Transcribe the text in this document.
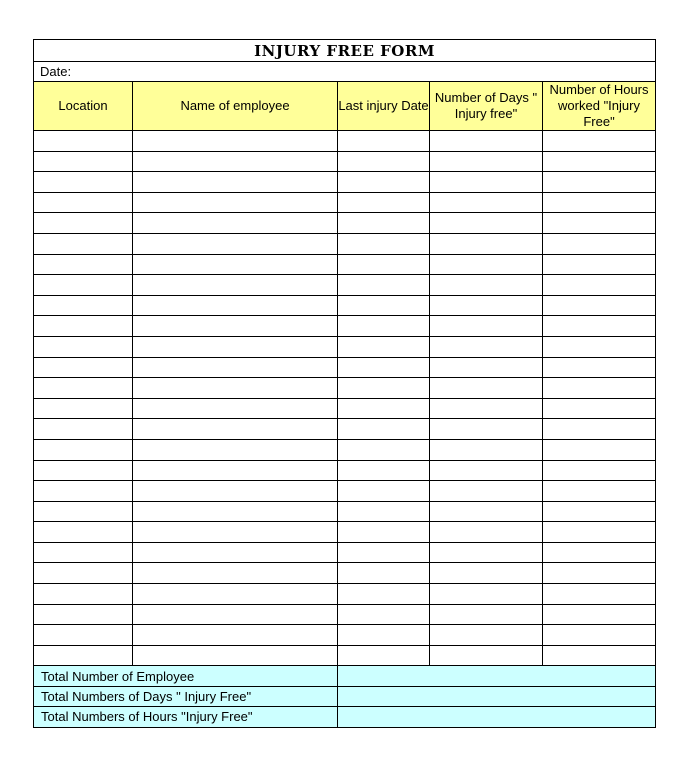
INJURY FREE FORM				
Date:				
Location	Name of employee	Last injury Date	Number of Days " Injury free"	Number of Hours worked "Injury Free"

Total Number of Employee				
Total Numbers of Days " Injury Free"				
Total Numbers of Hours "Injury Free"				
